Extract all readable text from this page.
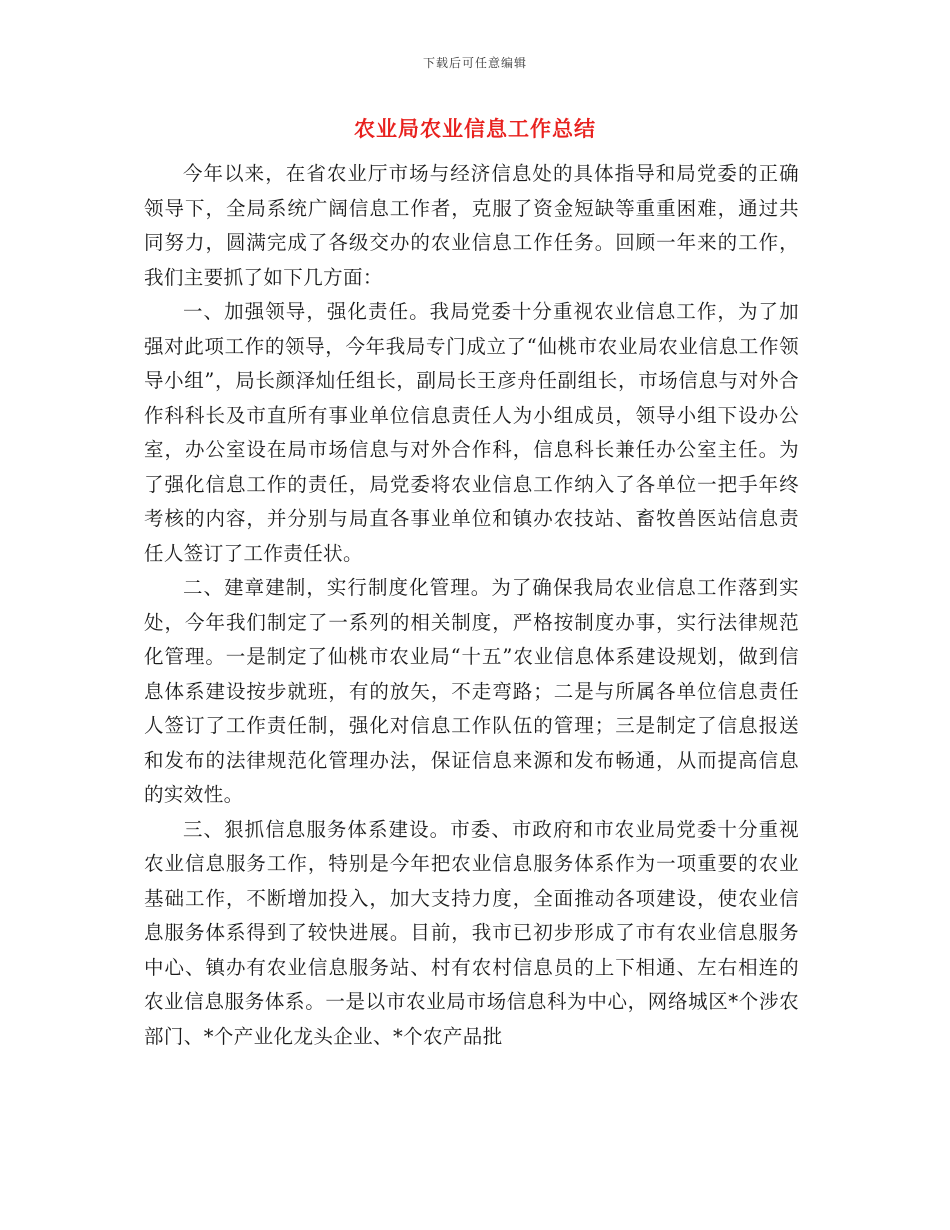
下载后可任意编辑
农业局农业信息工作总结

今年以来，在省农业厅市场与经济信息处的具体指导和局党委的正确领导下，全局系统广阔信息工作者，克服了资金短缺等重重困难，通过共同努力，圆满完成了各级交办的农业信息工作任务。回顾一年来的工作，我们主要抓了如下几方面：

一、加强领导，强化责任。我局党委十分重视农业信息工作，为了加强对此项工作的领导，今年我局专门成立了“仙桃市农业局农业信息工作领导小组”，局长颜泽灿任组长，副局长王彦舟任副组长，市场信息与对外合作科科长及市直所有事业单位信息责任人为小组成员，领导小组下设办公室，办公室设在局市场信息与对外合作科，信息科长兼任办公室主任。为了强化信息工作的责任，局党委将农业信息工作纳入了各单位一把手年终考核的内容，并分别与局直各事业单位和镇办农技站、畜牧兽医站信息责任人签订了工作责任状。

二、建章建制，实行制度化管理。为了确保我局农业信息工作落到实处，今年我们制定了一系列的相关制度，严格按制度办事，实行法律规范化管理。一是制定了仙桃市农业局“十五”农业信息体系建设规划，做到信息体系建设按步就班，有的放矢，不走弯路；二是与所属各单位信息责任人签订了工作责任制，强化对信息工作队伍的管理；三是制定了信息报送和发布的法律规范化管理办法，保证信息来源和发布畅通，从而提高信息的实效性。

三、狠抓信息服务体系建设。市委、市政府和市农业局党委十分重视农业信息服务工作，特别是今年把农业信息服务体系作为一项重要的农业基础工作，不断增加投入，加大支持力度，全面推动各项建设，使农业信息服务体系得到了较快进展。目前，我市已初步形成了市有农业信息服务中心、镇办有农业信息服务站、村有农村信息员的上下相通、左右相连的农业信息服务体系。一是以市农业局市场信息科为中心，网络城区*个涉农部门、*个产业化龙头企业、*个农产品批
